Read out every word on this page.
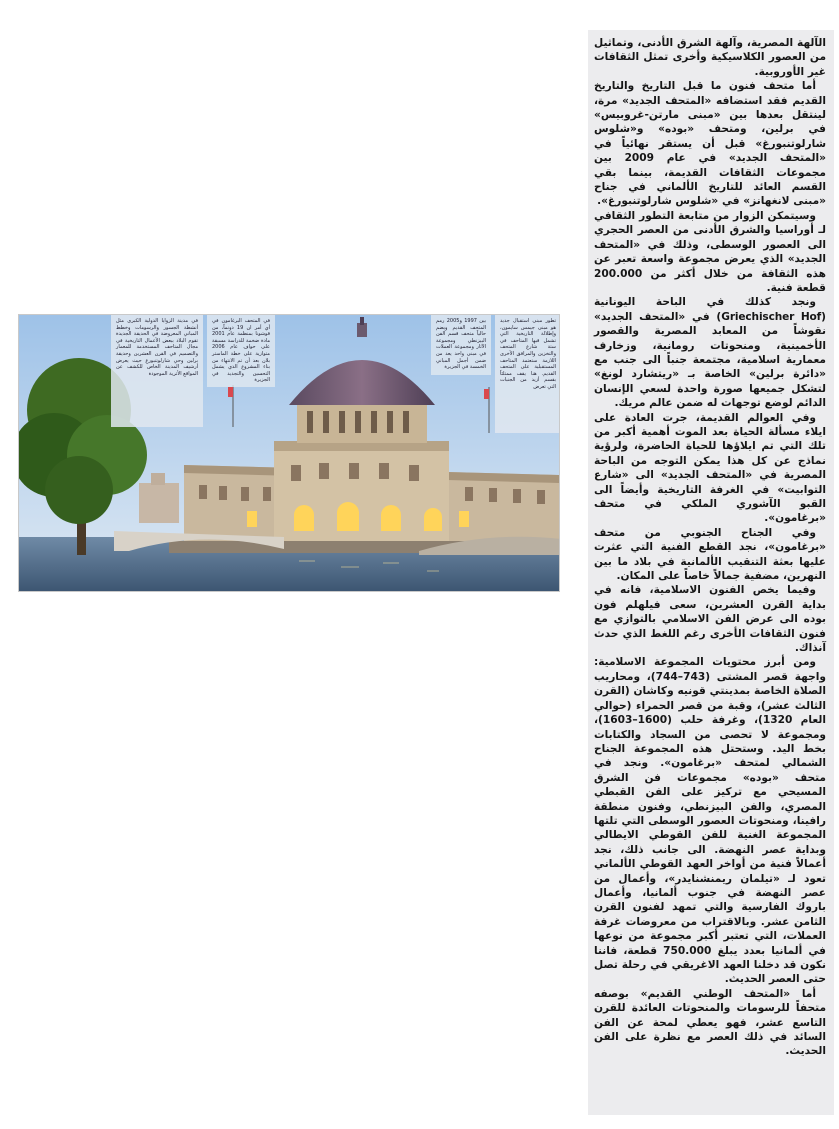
الآلهة المصرية، وآلهة الشرق الأدنى، وتماثيل من العصور الكلاسيكية وأخرى تمثل الثقافات غير الأوروبية.

أما متحف فنون ما قبل التاريخ والتاريخ القديم فقد استضافه «المتحف الجديد» مرة، لينتقل بعدها بين «مبنى مارتن-غروبيس» في برلين، ومتحف «بوده» و«شلوس شارلوتنبورغ» قبل أن يستقر نهائياً في «المتحف الجديد» في عام 2009 بين مجموعات الثقافات القديمة، بينما بقي القسم العائد للتاريخ الألماني في جناح «مبنى لانغهانز» في «شلوس شارلوتنبورغ».

وسيتمكن الزوار من متابعة التطور الثقافي لـ أوراسيا والشرق الأدنى من العصر الحجري الى العصور الوسطى، وذلك في «المتحف الجديد» الذي يعرض مجموعة واسعة تعبر عن هذه الثقافة من خلال أكثر من 200.000 قطعة فنية.

ونجد كذلك في الباحة اليونانية (Griechischer Hof) في «المتحف الجديد» نقوشاً من المعابد المصرية والقصور الأخمينية، ومنحوتات رومانية، وزخارف معمارية اسلامية، مجتمعة جنباً الى جنب مع «دائرة برلين» الخاصة بـ «ريتشارد لونغ» لتشكل جميعها صورة واحدة لسعي الإنسان الدائم لوضع توجهات له ضمن عالم مريك.

وفي العوالم القديمة، جرت العادة على ايلاء مسألة الحياة بعد الموت أهمية أكبر من تلك التي تم ايلاؤها للحياة الحاضرة، ولرؤية نماذج عن كل هذا يمكن التوجه من الباحة المصرية في «المتحف الجديد» الى «شارع التوابيت» في الغرفة التاريخية وأيضاً الى القبو الآشوري الملكي في متحف «برغامون».

وفي الجناح الجنوبي من متحف «برغامون»، نجد القطع الفنية التي عثرت عليها بعثة التنقيب الألمانية في بلاد ما بين النهرين، مضفية جمالاً خاصاً على المكان.

وفيما يخص الفنون الاسلامية، فانه في بداية القرن العشرين، سعى فيلهلم فون بوده الى عرض الفن الاسلامي بالتوازي مع فنون الثقافات الأخرى رغم اللغط الذي حدث آنذاك.

ومن أبرز محتويات المجموعة الاسلامية: واجهة قصر المشتى (743–744)، ومحاريب الصلاة الخاصة بمدينتي قونيه وكاشان (القرن الثالث عشر)، وقبة من قصر الحمراء (حوالي العام 1320)، وغرفة حلب (1600–1603)، ومجموعة لا تحصى من السجاد والكتابات بخط اليد. وستحتل هذه المجموعة الجناح الشمالي لمتحف «برغامون». ونجد في متحف «بوده» مجموعات فن الشرق المسيحي مع تركيز على الفن القبطي المصري، والفن البيزنطي، وفنون منطقة رافينا، ومنحوتات العصور الوسطى التي تلتها المجموعة الغنية للفن القوطي الايطالي وبداية عصر النهضة. الى جانب ذلك، نجد أعمالاً فنية من أواخر العهد القوطي الألماني تعود لـ «تيلمان ريمنشنايدر»، وأعمال من عصر النهضة في جنوب ألمانيا، وأعمال باروك الفارسية والتي تمهد لفنون القرن الثامن عشر. وبالاقتراب من معروضات غرفة العملات، التي تعتبر أكبر مجموعة من نوعها في ألمانيا بعدد يبلغ 750.000 قطعة، فاننا نكون قد دخلنا العهد الاغريقي في رحلة تصل حتى العصر الحديث.

أما «المتحف الوطني القديم» بوصفه متحفاً للرسومات والمنحوتات العائدة للقرن التاسع عشر، فهو يعطي لمحة عن الفن السائد في ذلك العصر مع نظرة على الفن الحديث.

في مدينة الزوايا الدولية الكبرى مثل أنشطة الجسور والرسومات وخطط المباني المعروضة في الحديقة الجديدة تقوم البلاد ببعض الأعمال التاريخية في مجال المتاحف المستخدمة للمعمار والتصميم في القرن العشرين وحديقة برلين وحي شارلوتنبورغ حيث يعرض أرشيف المدينة الخاص للكشف عن المواقع الأثرية الموجودة

في المتحف البرغامون في أي أمر ان 19 دونماً، من قوشونا بمنظمة عام 2001 مادة ضخمة للدراسة مسبقة على حواف عام 2006 متوازية على خطة الماستر بلان بعد أن تم الانتهاء من بناء المشروع الذي يشمل التحسين والتجديد في الجزيرة

بين 1997 و2005 رمم المتحف القديم ويضم حالياً متحف قسم الفن البيزنطي ومجموعة الآثار ومجموعة العملات في مبنى واحد يعد من ضمن أجمل المباني الخمسة في الجزيرة

تطور مبنى استقبال جديد هو مبنى جيمس سايمون، وإطلالة التاريخية التي تشمل قبها المتاحف في ستة شارع المتحف والتخزين والمرافق الأخرى اللازمة ستعتمد المتاحف المستقبلية على المتحف القديم. هنا يقف ممتلئاً بقسم أزيد من الجنبات التي تعرض
